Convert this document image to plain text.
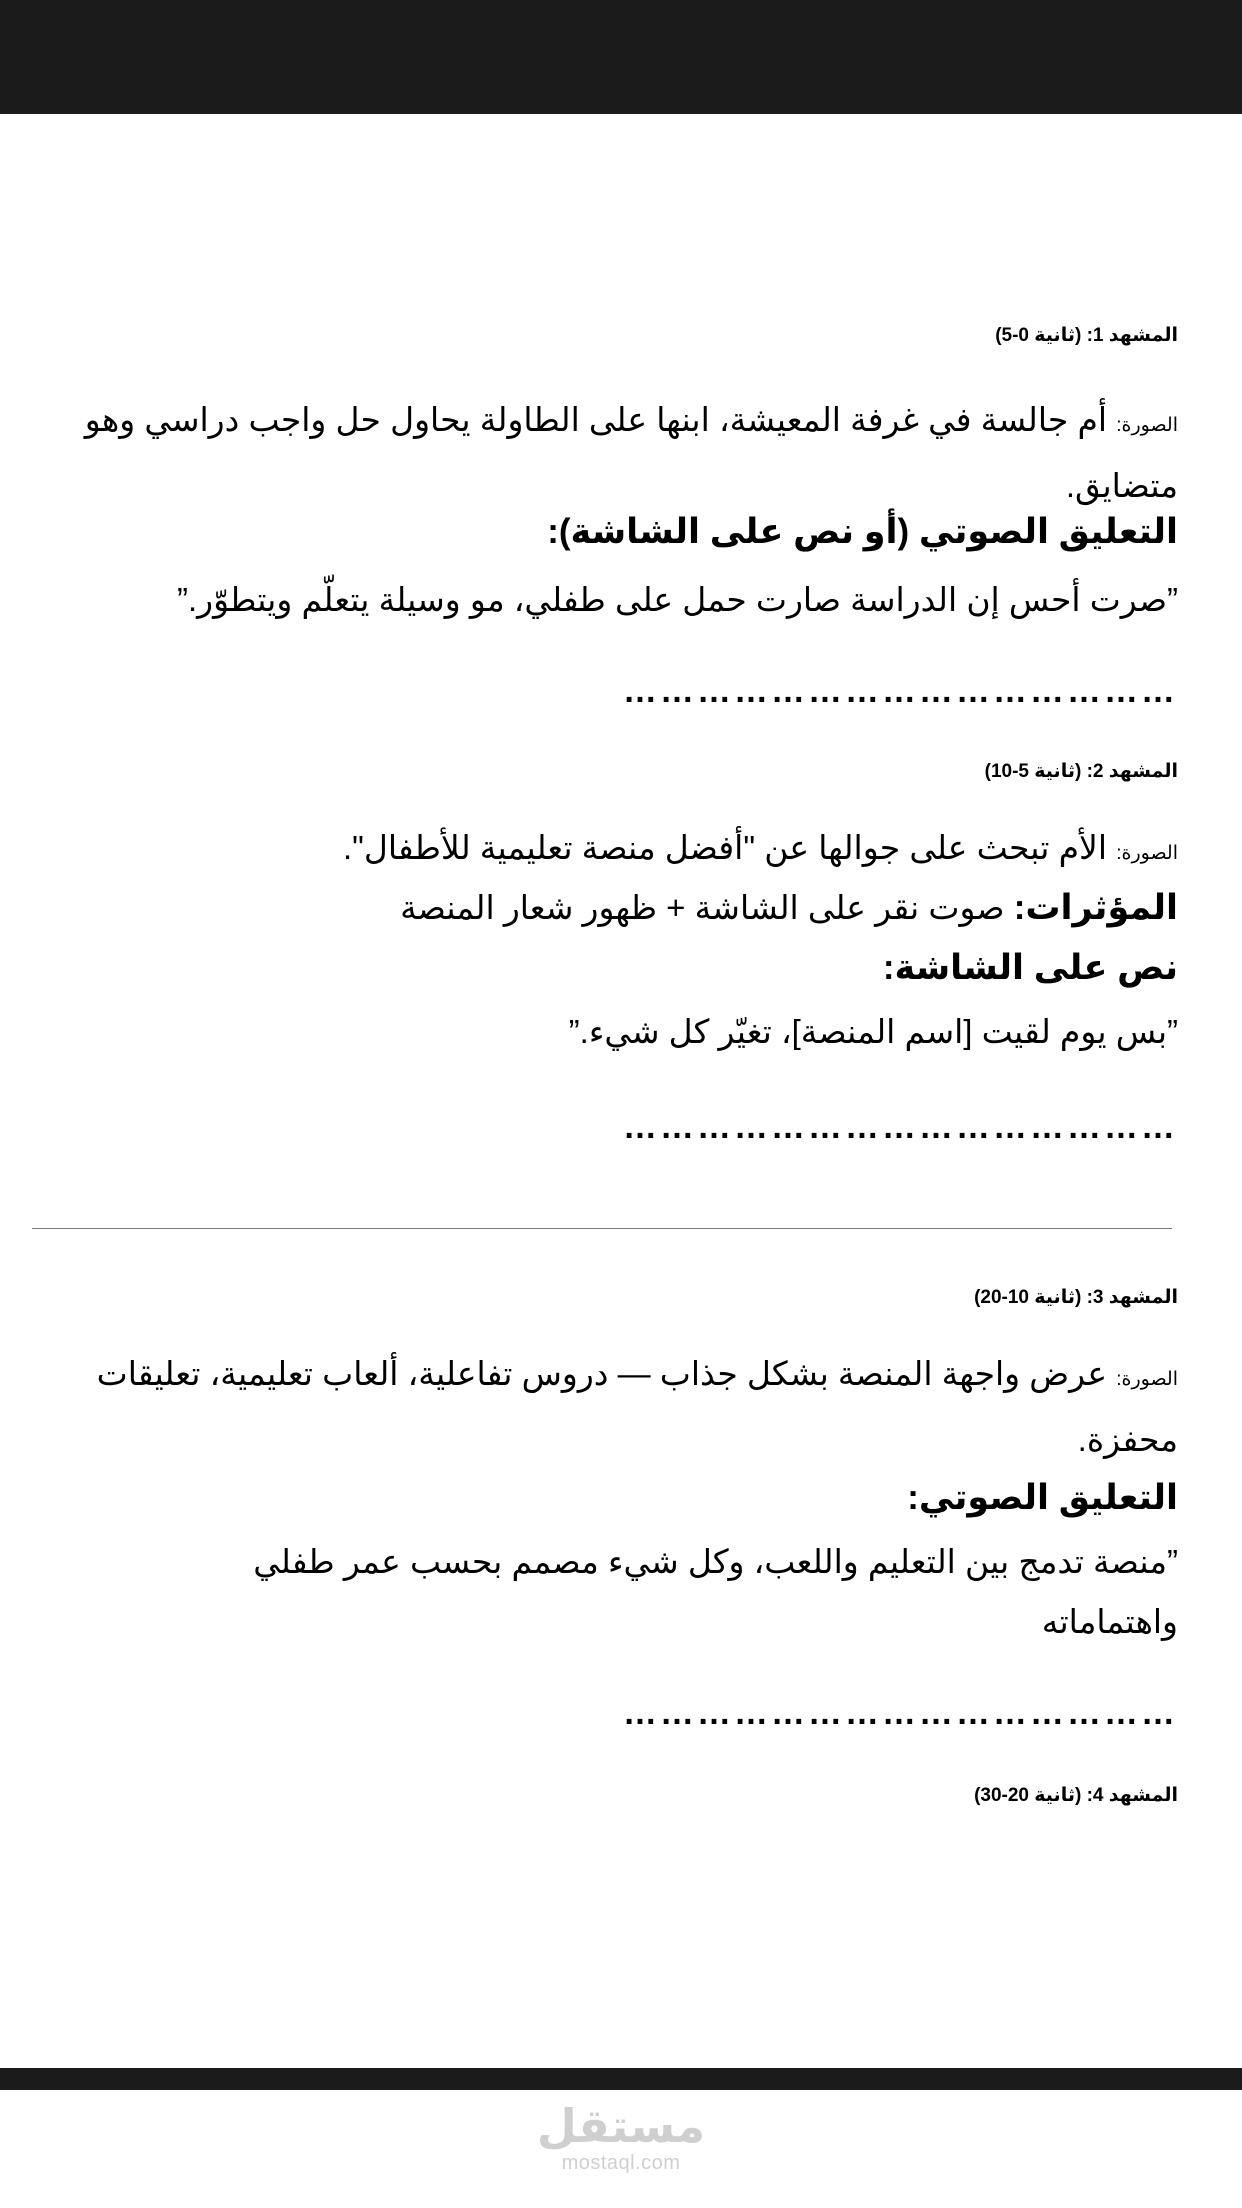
المشهد 1: (ثانية 0-5)
الصورة: أم جالسة في غرفة المعيشة، ابنها على الطاولة يحاول حل واجب دراسي وهو متضايق.
التعليق الصوتي (أو نص على الشاشة):
”صرت أحس إن الدراسة صارت حمل على طفلي، مو وسيلة يتعلّم ويتطوّر.”
………………………………………
المشهد 2: (ثانية 5-10)
الصورة: الأم تبحث على جوالها عن "أفضل منصة تعليمية للأطفال".
المؤثرات: صوت نقر على الشاشة + ظهور شعار المنصة
نص على الشاشة:
”بس يوم لقيت [اسم المنصة]، تغيّر كل شيء.”
………………………………………
المشهد 3: (ثانية 10-20)
الصورة: عرض واجهة المنصة بشكل جذاب — دروس تفاعلية، ألعاب تعليمية، تعليقات محفزة.
التعليق الصوتي:
”منصة تدمج بين التعليم واللعب، وكل شيء مصمم بحسب عمر طفلي واهتماماته
………………………………………
المشهد 4: (ثانية 20-30)
مستقل
mostaql.com
